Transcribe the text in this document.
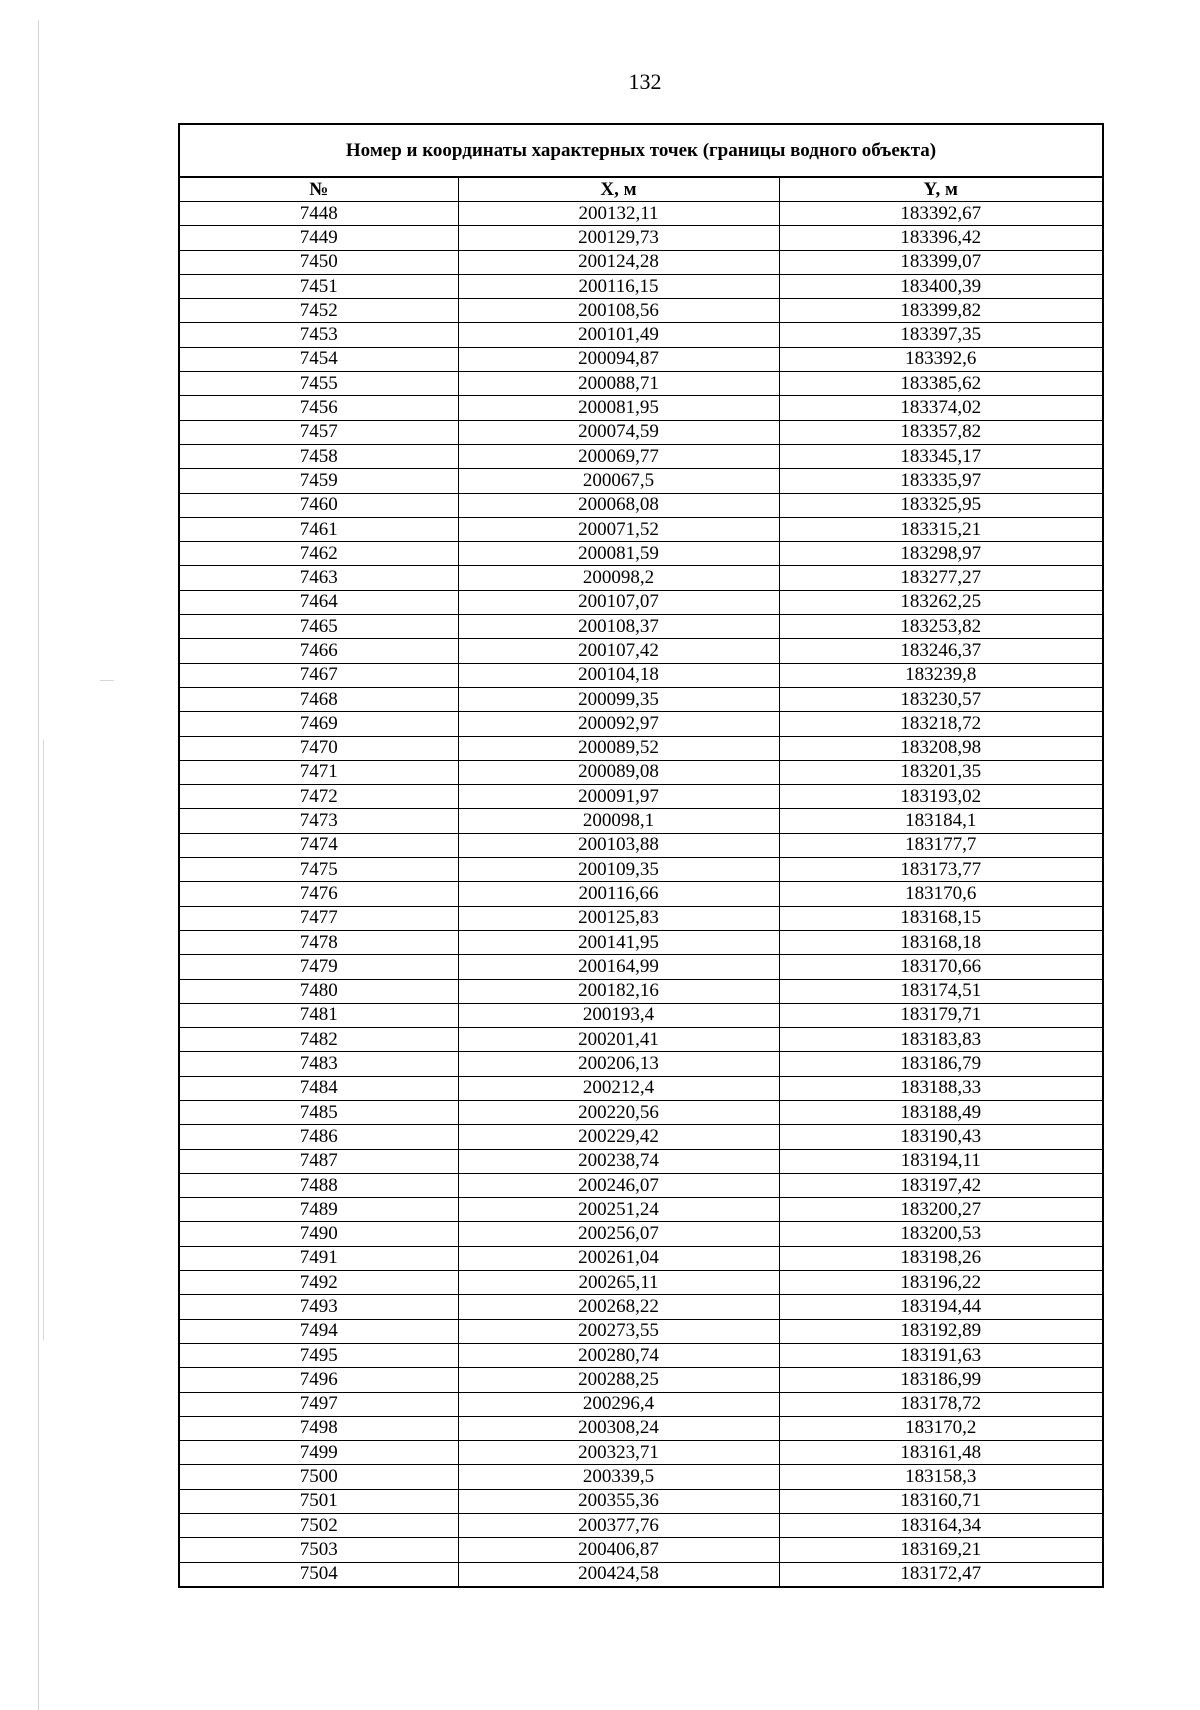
132
Номер и координаты характерных точек (границы водного объекта)
№	X, м	Y, м
7448	200132,11	183392,67
7449	200129,73	183396,42
7450	200124,28	183399,07
7451	200116,15	183400,39
7452	200108,56	183399,82
7453	200101,49	183397,35
7454	200094,87	183392,6
7455	200088,71	183385,62
7456	200081,95	183374,02
7457	200074,59	183357,82
7458	200069,77	183345,17
7459	200067,5	183335,97
7460	200068,08	183325,95
7461	200071,52	183315,21
7462	200081,59	183298,97
7463	200098,2	183277,27
7464	200107,07	183262,25
7465	200108,37	183253,82
7466	200107,42	183246,37
7467	200104,18	183239,8
7468	200099,35	183230,57
7469	200092,97	183218,72
7470	200089,52	183208,98
7471	200089,08	183201,35
7472	200091,97	183193,02
7473	200098,1	183184,1
7474	200103,88	183177,7
7475	200109,35	183173,77
7476	200116,66	183170,6
7477	200125,83	183168,15
7478	200141,95	183168,18
7479	200164,99	183170,66
7480	200182,16	183174,51
7481	200193,4	183179,71
7482	200201,41	183183,83
7483	200206,13	183186,79
7484	200212,4	183188,33
7485	200220,56	183188,49
7486	200229,42	183190,43
7487	200238,74	183194,11
7488	200246,07	183197,42
7489	200251,24	183200,27
7490	200256,07	183200,53
7491	200261,04	183198,26
7492	200265,11	183196,22
7493	200268,22	183194,44
7494	200273,55	183192,89
7495	200280,74	183191,63
7496	200288,25	183186,99
7497	200296,4	183178,72
7498	200308,24	183170,2
7499	200323,71	183161,48
7500	200339,5	183158,3
7501	200355,36	183160,71
7502	200377,76	183164,34
7503	200406,87	183169,21
7504	200424,58	183172,47
